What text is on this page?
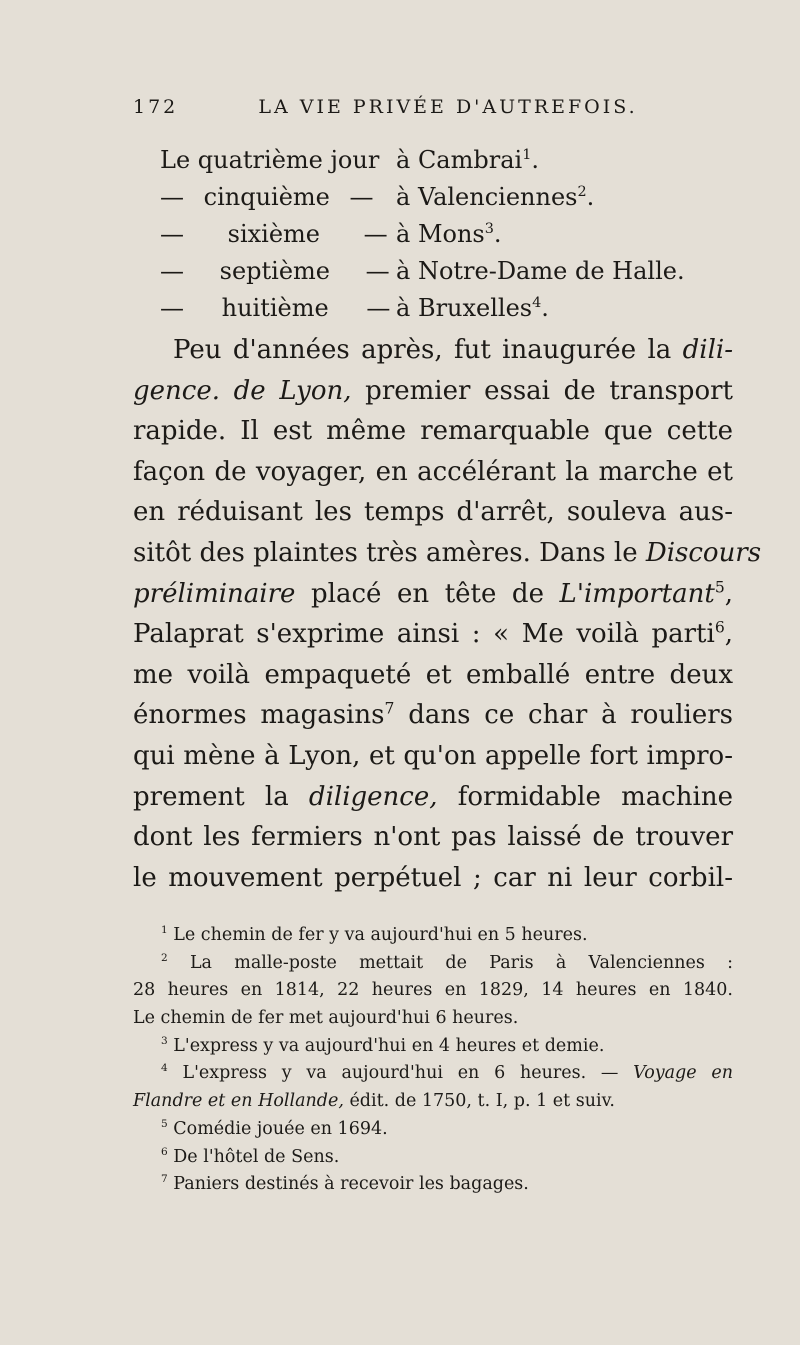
172	LA VIE PRIVÉE D'AUTREFOIS.
Le quatrième jour à Cambrai$^1$.
— cinquième — à Valenciennes$^2$.
— sixième — à Mons$^3$.
— septième — à Notre-Dame de Halle.
— huitième — à Bruxelles$^4$.
Peu d'années après, fut inaugurée la dili-
gence. de Lyon, premier essai de transport
rapide. Il est même remarquable que cette
façon de voyager, en accélérant la marche et
en réduisant les temps d'arrêt, souleva aus-
sitôt des plaintes très amères. Dans le Discours
préliminaire placé en tête de L'important$^5$,
Palaprat s'exprime ainsi : « Me voilà parti$^6$,
me voilà empaqueté et emballé entre deux
énormes magasins$^7$ dans ce char à rouliers
qui mène à Lyon, et qu'on appelle fort impro-
prement la diligence, formidable machine
dont les fermiers n'ont pas laissé de trouver
le mouvement perpétuel ; car ni leur corbil-
$^1$ Le chemin de fer y va aujourd'hui en 5 heures.
$^2$ La malle-poste mettait de Paris à Valenciennes :
28 heures en 1814, 22 heures en 1829, 14 heures en 1840.
Le chemin de fer met aujourd'hui 6 heures.
$^3$ L'express y va aujourd'hui en 4 heures et demie.
$^4$ L'express y va aujourd'hui en 6 heures. — Voyage en
Flandre et en Hollande, édit. de 1750, t. I, p. 1 et suiv.
$^5$ Comédie jouée en 1694.
$^6$ De l'hôtel de Sens.
$^7$ Paniers destinés à recevoir les bagages.
